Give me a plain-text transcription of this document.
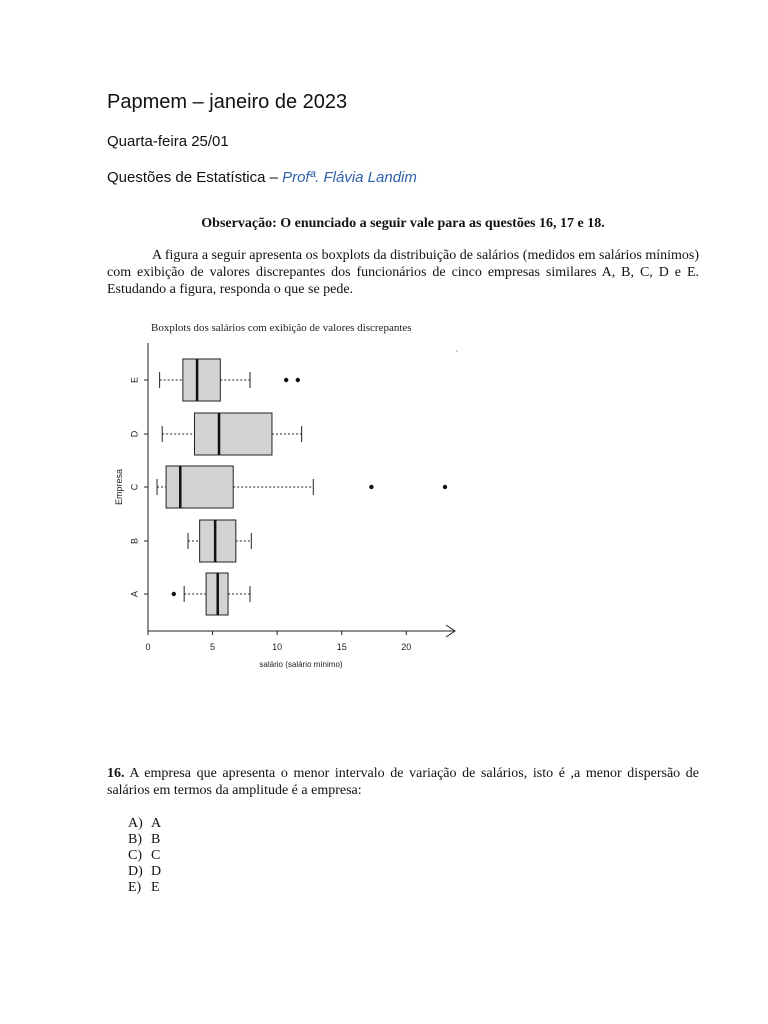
Papmem – janeiro de 2023
Quarta-feira 25/01
Questões de Estatística – Profª. Flávia Landim
Observação: O enunciado a seguir vale para as questões 16, 17 e 18.

A figura a seguir apresenta os boxplots da distribuição de salários (medidos em salários mínimos) com exibição de valores discrepantes dos funcionários de cinco empresas similares A, B, C, D e E. Estudando a figura, responda o que se pede.

Boxplots dos salários com exibição de valores discrepantes
0	5	10	15	20
A
B
C
D
E
salário (salário mínimo)
Empresa

16. A empresa que apresenta o menor intervalo de variação de salários, isto é ,a menor dispersão de salários em termos da amplitude é a empresa:

A) A
B) B
C) C
D) D
E) E
